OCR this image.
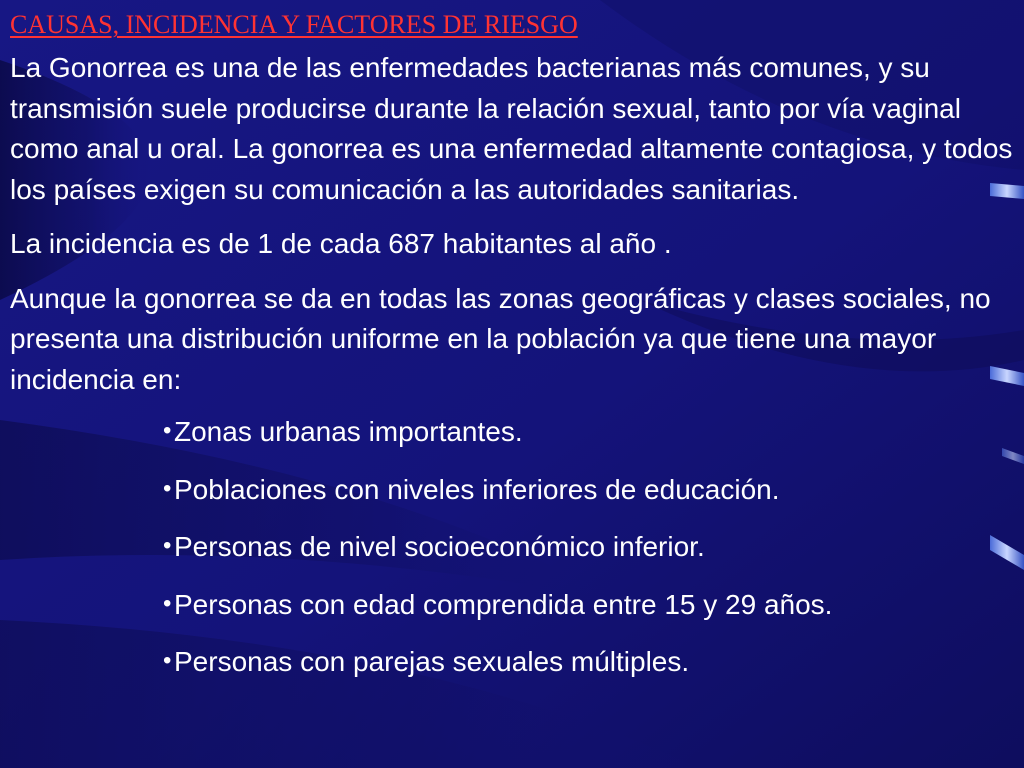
CAUSAS, INCIDENCIA Y FACTORES DE RIESGO

La Gonorrea es una de las enfermedades bacterianas más comunes, y su transmisión suele producirse durante la relación sexual, tanto por vía vaginal como anal u oral. La gonorrea es una enfermedad altamente contagiosa, y todos los países exigen su comunicación a las autoridades sanitarias.

La incidencia es de 1 de cada 687 habitantes al año .

Aunque la gonorrea se da en todas las zonas geográficas y clases sociales, no presenta una distribución uniforme en la población ya que tiene una mayor incidencia en:

•Zonas urbanas importantes.
•Poblaciones con niveles inferiores de educación.
•Personas de nivel socioeconómico inferior.
•Personas con edad comprendida entre 15 y 29 años.
•Personas con parejas sexuales múltiples.
